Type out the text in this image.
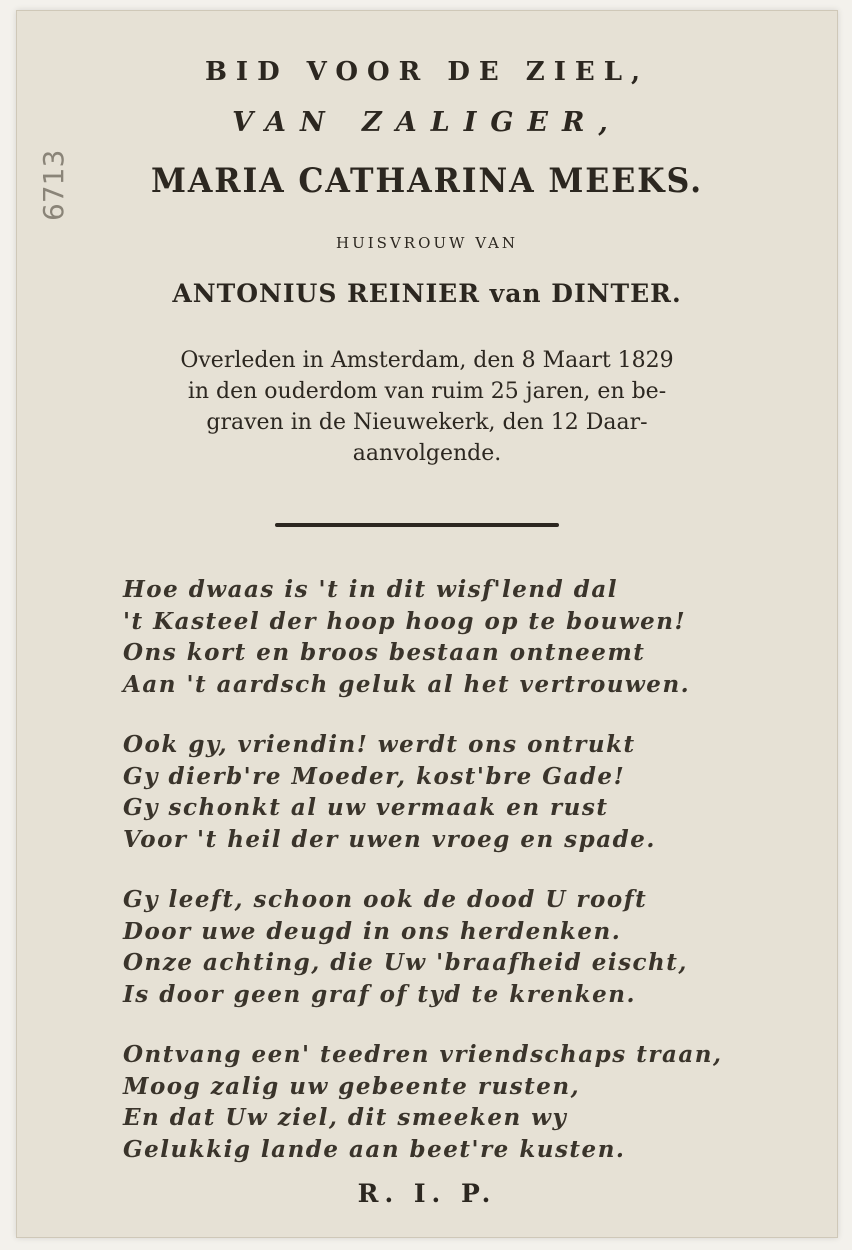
6713
BID VOOR DE ZIEL,
VAN ZALIGER,
MARIA CATHARINA MEEKS.
HUISVROUW VAN
ANTONIUS REINIER van DINTER.
Overleden in Amsterdam, den 8 Maart 1829
in den ouderdom van ruim 25 jaren, en be-
graven in de Nieuwekerk, den 12 Daar-
aanvolgende.
Hoe dwaas is 't in dit wisf'lend dal
't Kasteel der hoop hoog op te bouwen!
Ons kort en broos bestaan ontneemt
Aan 't aardsch geluk al het vertrouwen.
Ook gy, vriendin! werdt ons ontrukt
Gy dierb're Moeder, kost'bre Gade!
Gy schonkt al uw vermaak en rust
Voor 't heil der uwen vroeg en spade.
Gy leeft, schoon ook de dood U rooft
Door uwe deugd in ons herdenken.
Onze achting, die Uw 'braafheid eischt,
Is door geen graf of tyd te krenken.
Ontvang een' teedren vriendschaps traan,
Moog zalig uw gebeente rusten,
En dat Uw ziel, dit smeeken wy
Gelukkig lande aan beet're kusten.
R. I. P.
